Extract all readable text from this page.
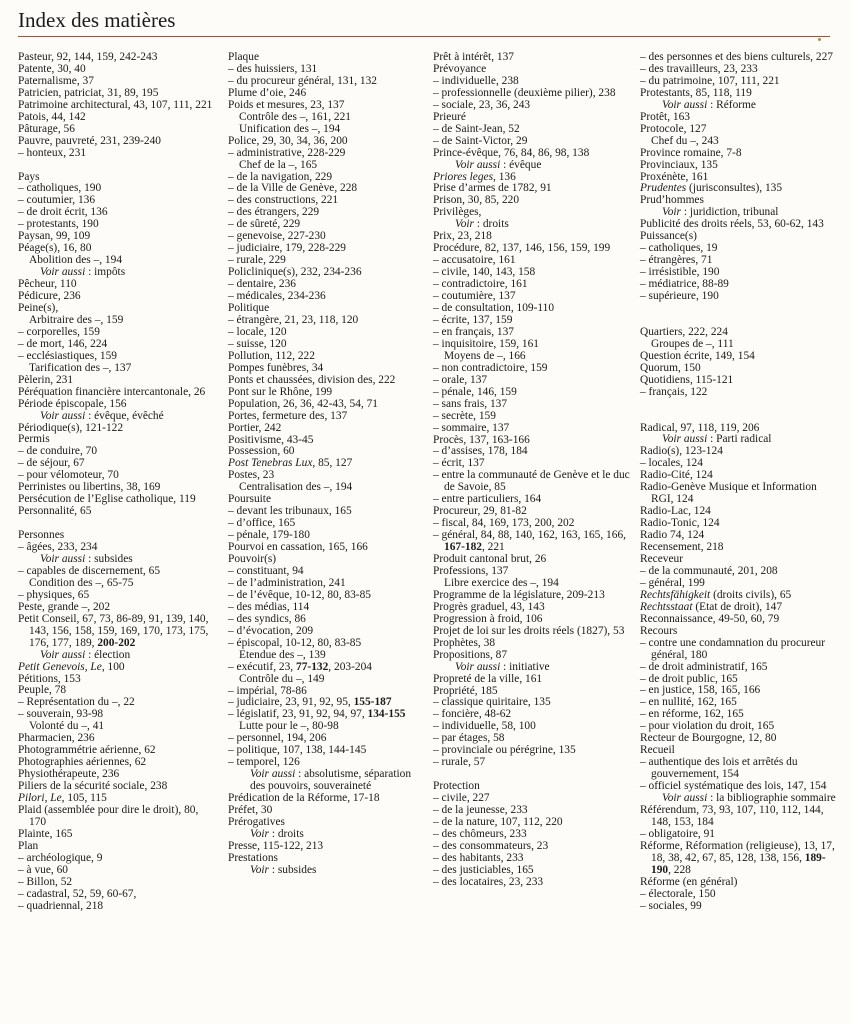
Index des matières
Pasteur, 92, 144, 159, 242-243
Patente, 30, 40
Paternalisme, 37
Patricien, patriciat, 31, 89, 195
Patrimoine architectural, 43, 107, 111, 221
Patois, 44, 142
Pâturage, 56
Pauvre, pauvreté, 231, 239-240
– honteux, 231
Pays
– catholiques, 190
– coutumier, 136
– de droit écrit, 136
– protestants, 190
Paysan, 99, 109
Péage(s), 16, 80
Abolition des –, 194
Voir aussi : impôts
Pêcheur, 110
Pédicure, 236
Peine(s),
Arbitraire des –, 159
– corporelles, 159
– de mort, 146, 224
– ecclésiastiques, 159
Tarification des –, 137
Pèlerin, 231
Péréquation financière intercantonale, 26
Période épiscopale, 156
Voir aussi : évêque, évêché
Périodique(s), 121-122
Permis
– de conduire, 70
– de séjour, 67
– pour vélomoteur, 70
Perrinistes ou libertins, 38, 169
Persécution de l’Eglise catholique, 119
Personnalité, 65
Personnes
– âgées, 233, 234
Voir aussi : subsides
– capables de discernement, 65
Condition des –, 65-75
– physiques, 65
Peste, grande –, 202
Petit Conseil, 67, 73, 86-89, 91, 139, 140, 143, 156, 158, 159, 169, 170, 173, 175, 176, 177, 189, 200-202
Voir aussi : élection
Petit Genevois, Le, 100
Pétitions, 153
Peuple, 78
– Représentation du –, 22
– souverain, 93-98
Volonté du –, 41
Pharmacien, 236
Photogrammétrie aérienne, 62
Photographies aériennes, 62
Physiothérapeute, 236
Piliers de la sécurité sociale, 238
Pilori, Le, 105, 115
Plaid (assemblée pour dire le droit), 80, 170
Plainte, 165
Plan
– archéologique, 9
– à vue, 60
– Billon, 52
– cadastral, 52, 59, 60-67,
– quadriennal, 218
Plaque
– des huissiers, 131
– du procureur général, 131, 132
Plume d’oie, 246
Poids et mesures, 23, 137
Contrôle des –, 161, 221
Unification des –, 194
Police, 29, 30, 34, 36, 200
– administrative, 228-229
Chef de la –, 165
– de la navigation, 229
– de la Ville de Genève, 228
– des constructions, 221
– des étrangers, 229
– de sûreté, 229
– genevoise, 227-230
– judiciaire, 179, 228-229
– rurale, 229
Policlinique(s), 232, 234-236
– dentaire, 236
– médicales, 234-236
Politique
– étrangère, 21, 23, 118, 120
– locale, 120
– suisse, 120
Pollution, 112, 222
Pompes funèbres, 34
Ponts et chaussées, division des, 222
Pont sur le Rhône, 199
Population, 26, 36, 42-43, 54, 71
Portes, fermeture des, 137
Portier, 242
Positivisme, 43-45
Possession, 60
Post Tenebras Lux, 85, 127
Postes, 23
Centralisation des –, 194
Poursuite
– devant les tribunaux, 165
– d’office, 165
– pénale, 179-180
Pourvoi en cassation, 165, 166
Pouvoir(s)
– constituant, 94
– de l’administration, 241
– de l’évêque, 10-12, 80, 83-85
– des médias, 114
– des syndics, 86
– d’évocation, 209
– épiscopal, 10-12, 80, 83-85
Etendue des –, 139
– exécutif, 23, 77-132, 203-204
Contrôle du –, 149
– impérial, 78-86
– judiciaire, 23, 91, 92, 95, 155-187
– législatif, 23, 91, 92, 94, 97, 134-155
Lutte pour le –, 80-98
– personnel, 194, 206
– politique, 107, 138, 144-145
– temporel, 126
Voir aussi : absolutisme, séparation des pouvoirs, souveraineté
Prédication de la Réforme, 17-18
Préfet, 30
Prérogatives
Voir : droits
Presse, 115-122, 213
Prestations
Voir : subsides
Prêt à intérêt, 137
Prévoyance
– individuelle, 238
– professionnelle (deuxième pilier), 238
– sociale, 23, 36, 243
Prieuré
– de Saint-Jean, 52
– de Saint-Victor, 29
Prince-évêque, 76, 84, 86, 98, 138
Voir aussi : évêque
Priores leges, 136
Prise d’armes de 1782, 91
Prison, 30, 85, 220
Privilèges,
Voir : droits
Prix, 23, 218
Procédure, 82, 137, 146, 156, 159, 199
– accusatoire, 161
– civile, 140, 143, 158
– contradictoire, 161
– coutumière, 137
– de consultation, 109-110
– écrite, 137, 159
– en français, 137
– inquisitoire, 159, 161
Moyens de –, 166
– non contradictoire, 159
– orale, 137
– pénale, 146, 159
– sans frais, 137
– secrète, 159
– sommaire, 137
Procès, 137, 163-166
– d’assises, 178, 184
– écrit, 137
– entre la communauté de Genève et le duc de Savoie, 85
– entre particuliers, 164
Procureur, 29, 81-82
– fiscal, 84, 169, 173, 200, 202
– général, 84, 88, 140, 162, 163, 165, 166, 167-182, 221
Produit cantonal brut, 26
Professions, 137
Libre exercice des –, 194
Programme de la législature, 209-213
Progrès graduel, 43, 143
Progression à froid, 106
Projet de loi sur les droits réels (1827), 53
Prophètes, 38
Propositions, 87
Voir aussi : initiative
Propreté de la ville, 161
Propriété, 185
– classique quiritaire, 135
– foncière, 48-62
– individuelle, 58, 100
– par étages, 58
– provinciale ou pérégrine, 135
– rurale, 57
Protection
– civile, 227
– de la jeunesse, 233
– de la nature, 107, 112, 220
– des chômeurs, 233
– des consommateurs, 23
– des habitants, 233
– des justiciables, 165
– des locataires, 23, 233
– des personnes et des biens culturels, 227
– des travailleurs, 23, 233
– du patrimoine, 107, 111, 221
Protestants, 85, 118, 119
Voir aussi : Réforme
Protêt, 163
Protocole, 127
Chef du –, 243
Province romaine, 7-8
Provinciaux, 135
Proxénète, 161
Prudentes (jurisconsultes), 135
Prud’hommes
Voir : juridiction, tribunal
Publicité des droits réels, 53, 60-62, 143
Puissance(s)
– catholiques, 19
– étrangères, 71
– irrésistible, 190
– médiatrice, 88-89
– supérieure, 190
Quartiers, 222, 224
Groupes de –, 111
Question écrite, 149, 154
Quorum, 150
Quotidiens, 115-121
– français, 122
Radical, 97, 118, 119, 206
Voir aussi : Parti radical
Radio(s), 123-124
– locales, 124
Radio-Cité, 124
Radio-Genève Musique et Information RGI, 124
Radio-Lac, 124
Radio-Tonic, 124
Radio 74, 124
Recensement, 218
Receveur
– de la communauté, 201, 208
– général, 199
Rechtsfähigkeit (droits civils), 65
Rechtsstaat (Etat de droit), 147
Reconnaissance, 49-50, 60, 79
Recours
– contre une condamnation du procureur général, 180
– de droit administratif, 165
– de droit public, 165
– en justice, 158, 165, 166
– en nullité, 162, 165
– en réforme, 162, 165
– pour violation du droit, 165
Recteur de Bourgogne, 12, 80
Recueil
– authentique des lois et arrêtés du gouvernement, 154
– officiel systématique des lois, 147, 154
Voir aussi : la bibliographie sommaire
Référendum, 73, 93, 107, 110, 112, 144, 148, 153, 184
– obligatoire, 91
Réforme, Réformation (religieuse), 13, 17, 18, 38, 42, 67, 85, 128, 138, 156, 189-190, 228
Réforme (en général)
– électorale, 150
– sociales, 99
